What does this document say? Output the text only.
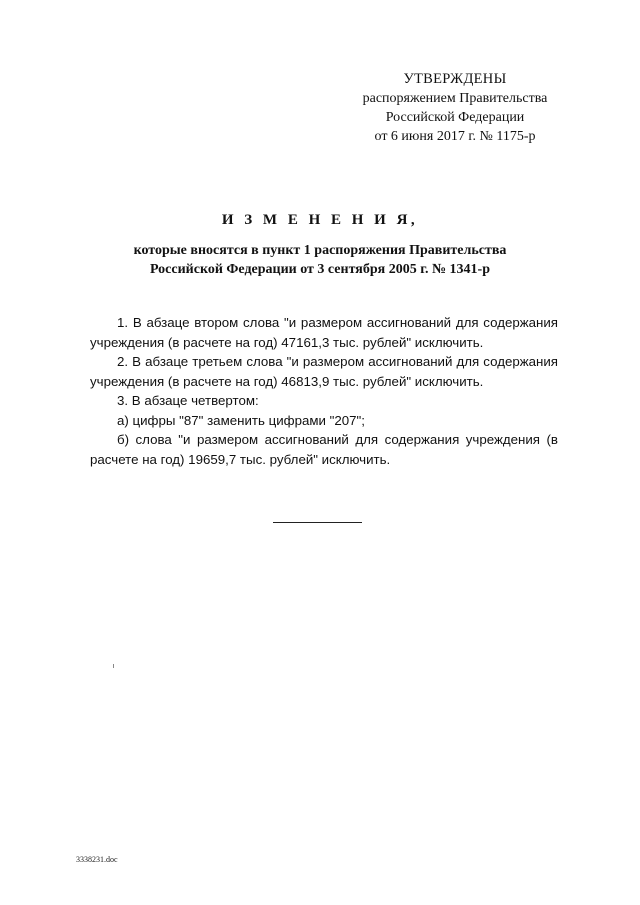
УТВЕРЖДЕНЫ
распоряжением Правительства
Российской Федерации
от 6 июня 2017 г. № 1175-р
И З М Е Н Е Н И Я,
которые вносятся в пункт 1 распоряжения Правительства
Российской Федерации от 3 сентября 2005 г. № 1341-р

1. В абзаце втором слова "и размером ассигнований для содержания учреждения (в расчете на год) 47161,3 тыс. рублей" исключить.

2. В абзаце третьем слова "и размером ассигнований для содержания учреждения (в расчете на год) 46813,9 тыс. рублей" исключить.

3. В абзаце четвертом:

а) цифры "87" заменить цифрами "207";

б) слова "и размером ассигнований для содержания учреждения (в расчете на год) 19659,7 тыс. рублей" исключить.

3338231.doc
